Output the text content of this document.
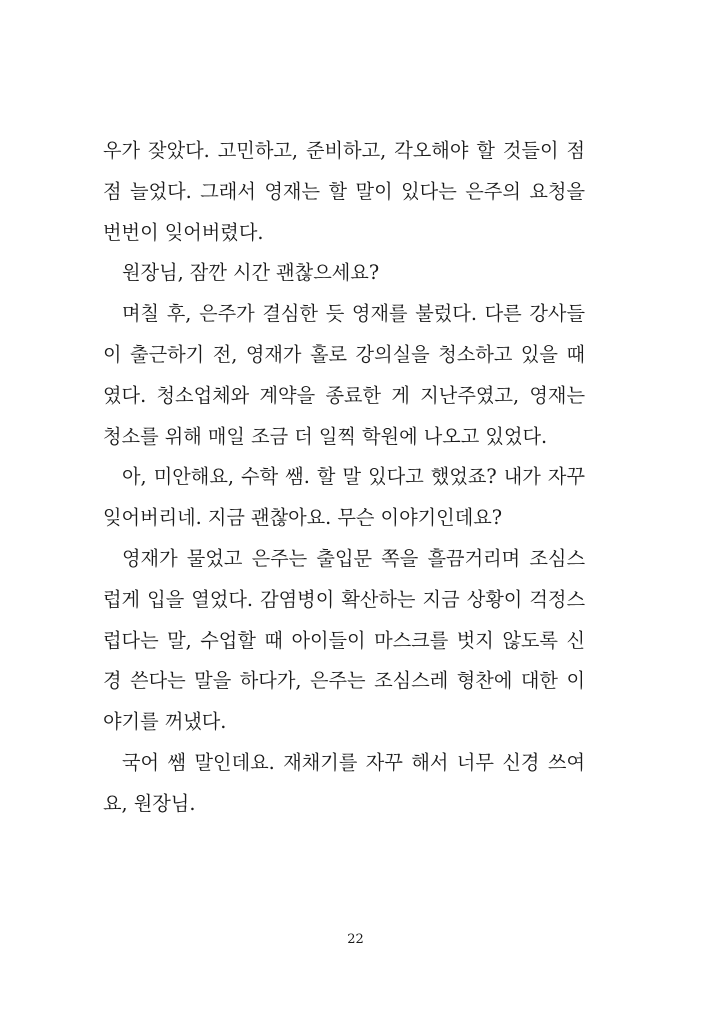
우가 잦았다. 고민하고, 준비하고, 각오해야 할 것들이 점
점 늘었다. 그래서 영재는 할 말이 있다는 은주의 요청을
번번이 잊어버렸다.
원장님, 잠깐 시간 괜찮으세요?
며칠 후, 은주가 결심한 듯 영재를 불렀다. 다른 강사들
이 출근하기 전, 영재가 홀로 강의실을 청소하고 있을 때
였다. 청소업체와 계약을 종료한 게 지난주였고, 영재는
청소를 위해 매일 조금 더 일찍 학원에 나오고 있었다.
아, 미안해요, 수학 쌤. 할 말 있다고 했었죠? 내가 자꾸
잊어버리네. 지금 괜찮아요. 무슨 이야기인데요?
영재가 물었고 은주는 출입문 쪽을 흘끔거리며 조심스
럽게 입을 열었다. 감염병이 확산하는 지금 상황이 걱정스
럽다는 말, 수업할 때 아이들이 마스크를 벗지 않도록 신
경 쓴다는 말을 하다가, 은주는 조심스레 형찬에 대한 이
야기를 꺼냈다.
국어 쌤 말인데요. 재채기를 자꾸 해서 너무 신경 쓰여
요, 원장님.
22
